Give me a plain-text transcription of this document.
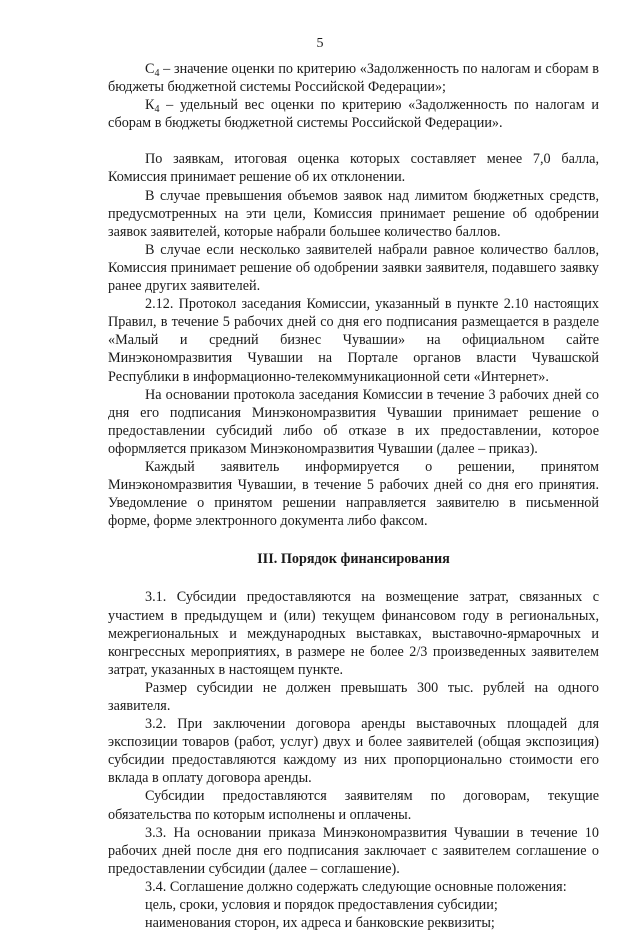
5

$С_4$ – значение оценки по критерию «Задолженность по налогам и сборам в бюджеты бюджетной системы Российской Федерации»;

$К_4$ – удельный вес оценки по критерию «Задолженность по налогам и сборам в бюджеты бюджетной системы Российской Федерации».

По заявкам, итоговая оценка которых составляет менее 7,0 балла, Комиссия принимает решение об их отклонении.

В случае превышения объемов заявок над лимитом бюджетных средств, предусмотренных на эти цели, Комиссия принимает решение об одобрении заявок заявителей, которые набрали большее количество баллов.

В случае если несколько заявителей набрали равное количество баллов, Комиссия принимает решение об одобрении заявки заявителя, подавшего заявку ранее других заявителей.

2.12. Протокол заседания Комиссии, указанный в пункте 2.10 настоящих Правил, в течение 5 рабочих дней со дня его подписания размещается в разделе «Малый и средний бизнес Чувашии» на официальном сайте Минэкономразвития Чувашии на Портале органов власти Чувашской Республики в информационно-телекоммуникационной сети «Интернет».

На основании протокола заседания Комиссии в течение 3 рабочих дней со дня его подписания Минэкономразвития Чувашии принимает решение о предоставлении субсидий либо об отказе в их предоставлении, которое оформляется приказом Минэкономразвития Чувашии (далее – приказ).

Каждый заявитель информируется о решении, принятом Минэкономразвития Чувашии, в течение 5 рабочих дней со дня его принятия. Уведомление о принятом решении направляется заявителю в письменной форме, форме электронного документа либо факсом.

III. Порядок финансирования

3.1. Субсидии предоставляются на возмещение затрат, связанных с участием в предыдущем и (или) текущем финансовом году в региональных, межрегиональных и международных выставках, выставочно-ярмарочных и конгрессных мероприятиях, в размере не более 2/3 произведенных заявителем затрат, указанных в настоящем пункте.

Размер субсидии не должен превышать 300 тыс. рублей на одного заявителя.

3.2. При заключении договора аренды выставочных площадей для экспозиции товаров (работ, услуг) двух и более заявителей (общая экспозиция) субсидии предоставляются каждому из них пропорционально стоимости его вклада в оплату договора аренды.

Субсидии предоставляются заявителям по договорам, текущие обязательства по которым исполнены и оплачены.

3.3. На основании приказа Минэкономразвития Чувашии в течение 10 рабочих дней после дня его подписания заключает с заявителем соглашение о предоставлении субсидии (далее – соглашение).

3.4. Соглашение должно содержать следующие основные положения:

цель, сроки, условия и порядок предоставления субсидии;

наименования сторон, их адреса и банковские реквизиты;
